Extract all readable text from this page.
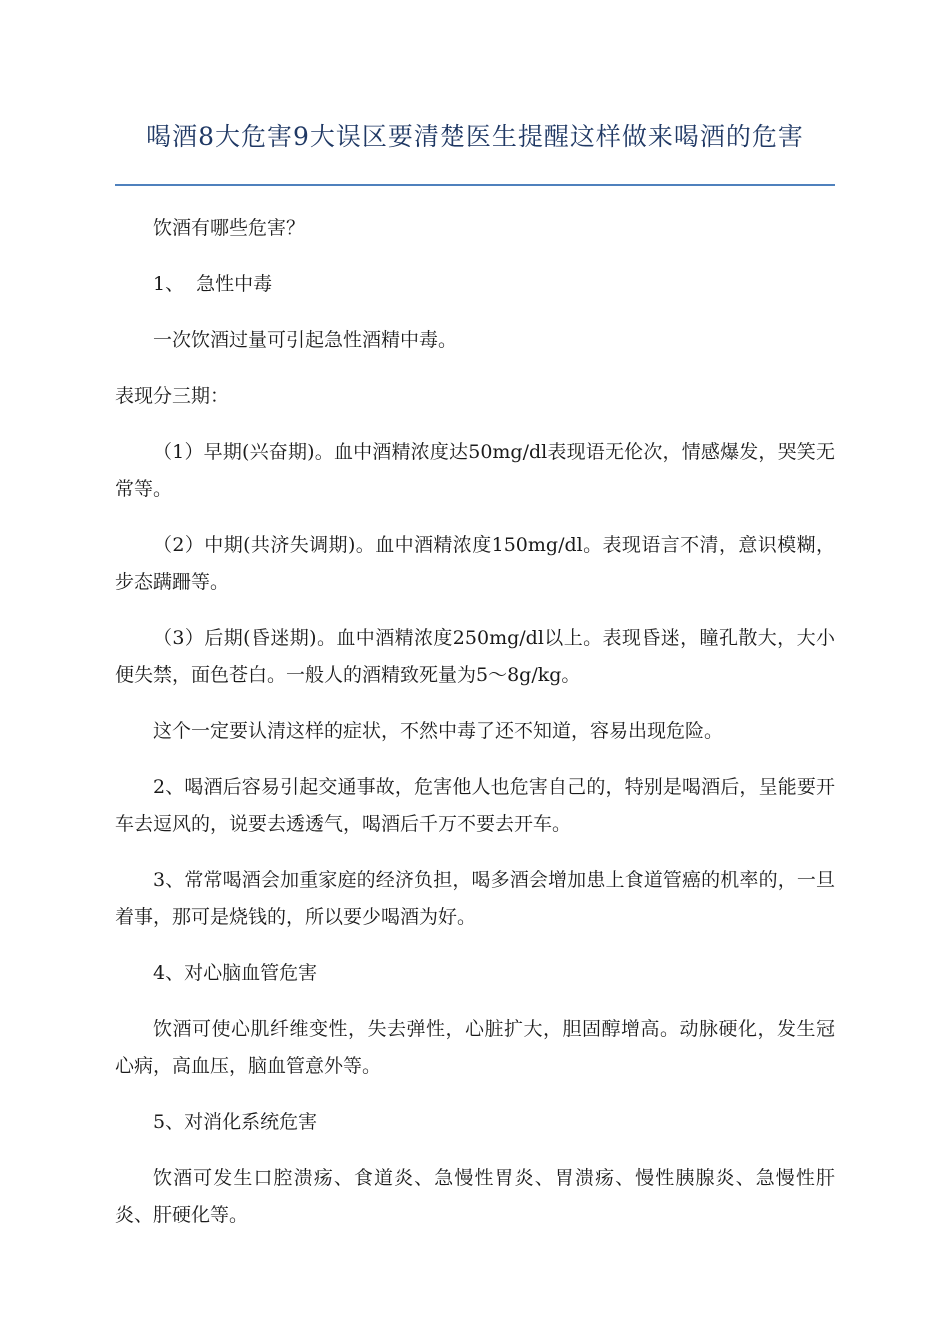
喝酒8大危害9大误区要清楚医生提醒这样做来喝酒的危害

饮酒有哪些危害？

1、  急性中毒

一次饮酒过量可引起急性酒精中毒。

表现分三期：

（1）早期(兴奋期)。血中酒精浓度达50mg/dl表现语无伦次，情感爆发，哭笑无常等。

（2）中期(共济失调期)。血中酒精浓度150mg/dl。表现语言不清，意识模糊，步态蹒跚等。

（3）后期(昏迷期)。血中酒精浓度250mg/dl以上。表现昏迷，瞳孔散大，大小便失禁，面色苍白。一般人的酒精致死量为5～8g/kg。

这个一定要认清这样的症状，不然中毒了还不知道，容易出现危险。

2、喝酒后容易引起交通事故，危害他人也危害自己的，特别是喝酒后，呈能要开车去逗风的，说要去透透气，喝酒后千万不要去开车。

3、常常喝酒会加重家庭的经济负担，喝多酒会增加患上食道管癌的机率的，一旦着事，那可是烧钱的，所以要少喝酒为好。

4、对心脑血管危害

饮酒可使心肌纤维变性，失去弹性，心脏扩大，胆固醇增高。动脉硬化，发生冠心病，高血压，脑血管意外等。

5、对消化系统危害

饮酒可发生口腔溃疡、食道炎、急慢性胃炎、胃溃疡、慢性胰腺炎、急慢性肝炎、肝硬化等。
